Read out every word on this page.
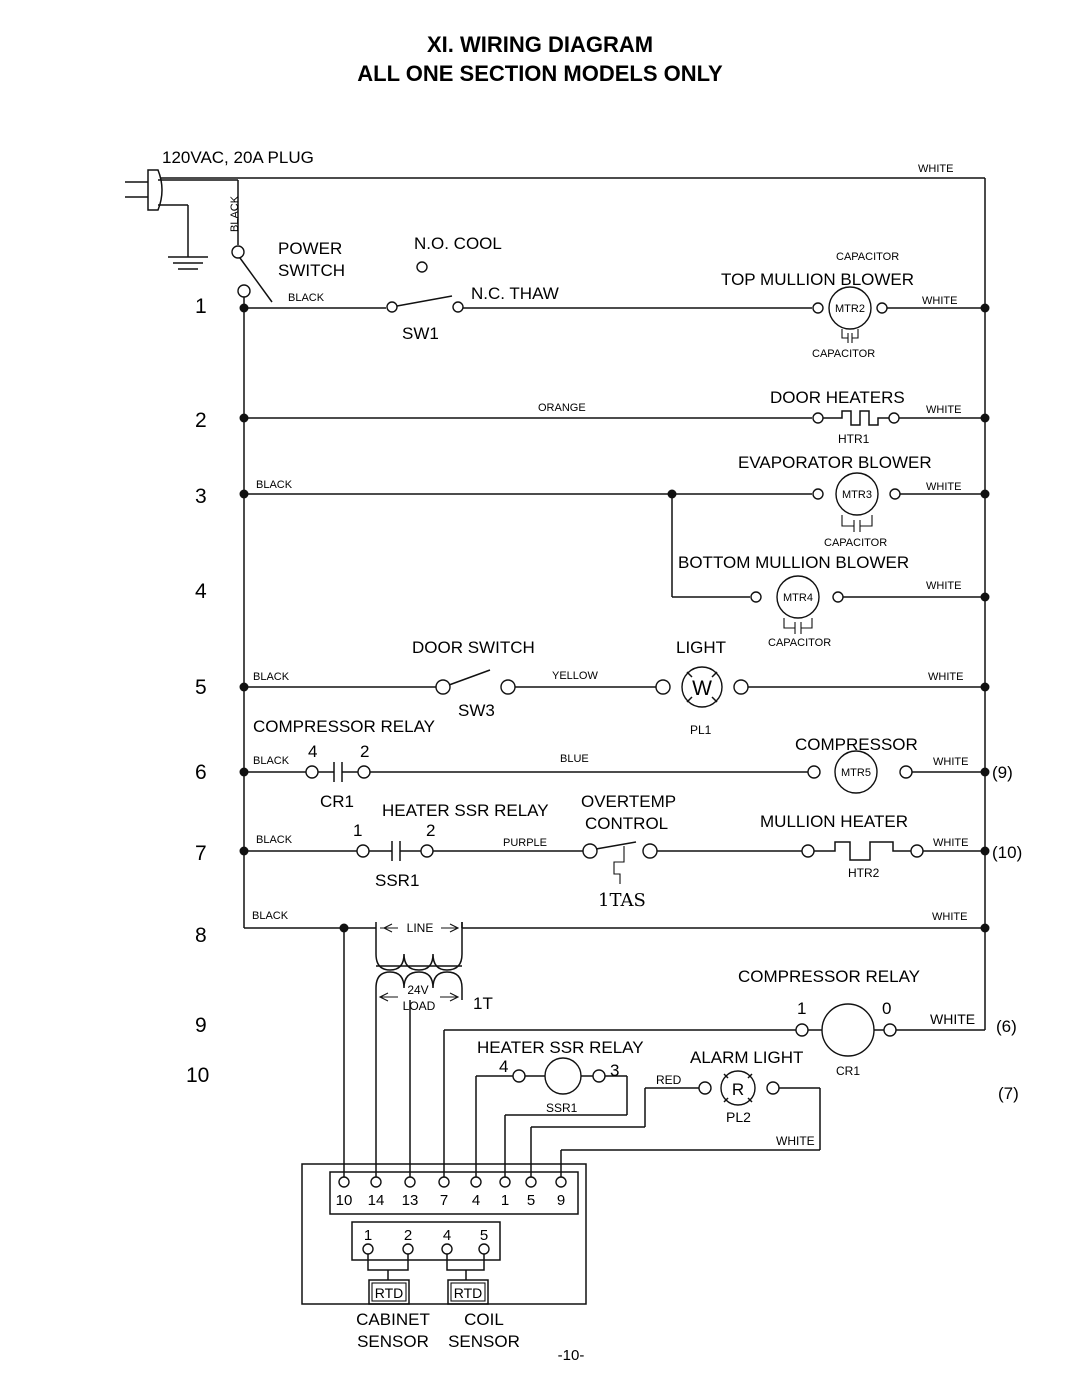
XI. WIRING DIAGRAM
ALL ONE SECTION MODELS ONLY
120VAC, 20A PLUG
BLACK
WHITE
POWER
SWITCH
1
2
3
4
5
6
7
8
9
10
BLACK
N.O. COOL
N.C. THAW
SW1
CAPACITOR
TOP MULLION BLOWER
MTR2
WHITE
CAPACITOR
ORANGE
DOOR HEATERS
WHITE
HTR1
BLACK
EVAPORATOR BLOWER
MTR3
WHITE
CAPACITOR
BOTTOM MULLION BLOWER
MTR4
WHITE
CAPACITOR
BLACK
DOOR SWITCH
SW3
YELLOW
LIGHT
W
PL1
WHITE
COMPRESSOR RELAY
BLACK 4	2
CR1
BLUE
COMPRESSOR
MTR5
WHITE
(9)
HEATER SSR RELAY
BLACK	1	2
SSR1
PURPLE
OVERTEMP
CONTROL
1TAS
MULLION HEATER
HTR2
WHITE (10)
BLACK	WHITE
LINE
24V
LOAD 1T
COMPRESSOR RELAY
1	0
WHITE
CR1
(6)
HEATER SSR RELAY
4	3
SSR1
RED
ALARM LIGHT
R
PL2
WHITE
(7)
10 14 13 7 4 1 5 9
1 2 4 5
RTD	RTD
CABINET
SENSOR
COIL
SENSOR
-10-
